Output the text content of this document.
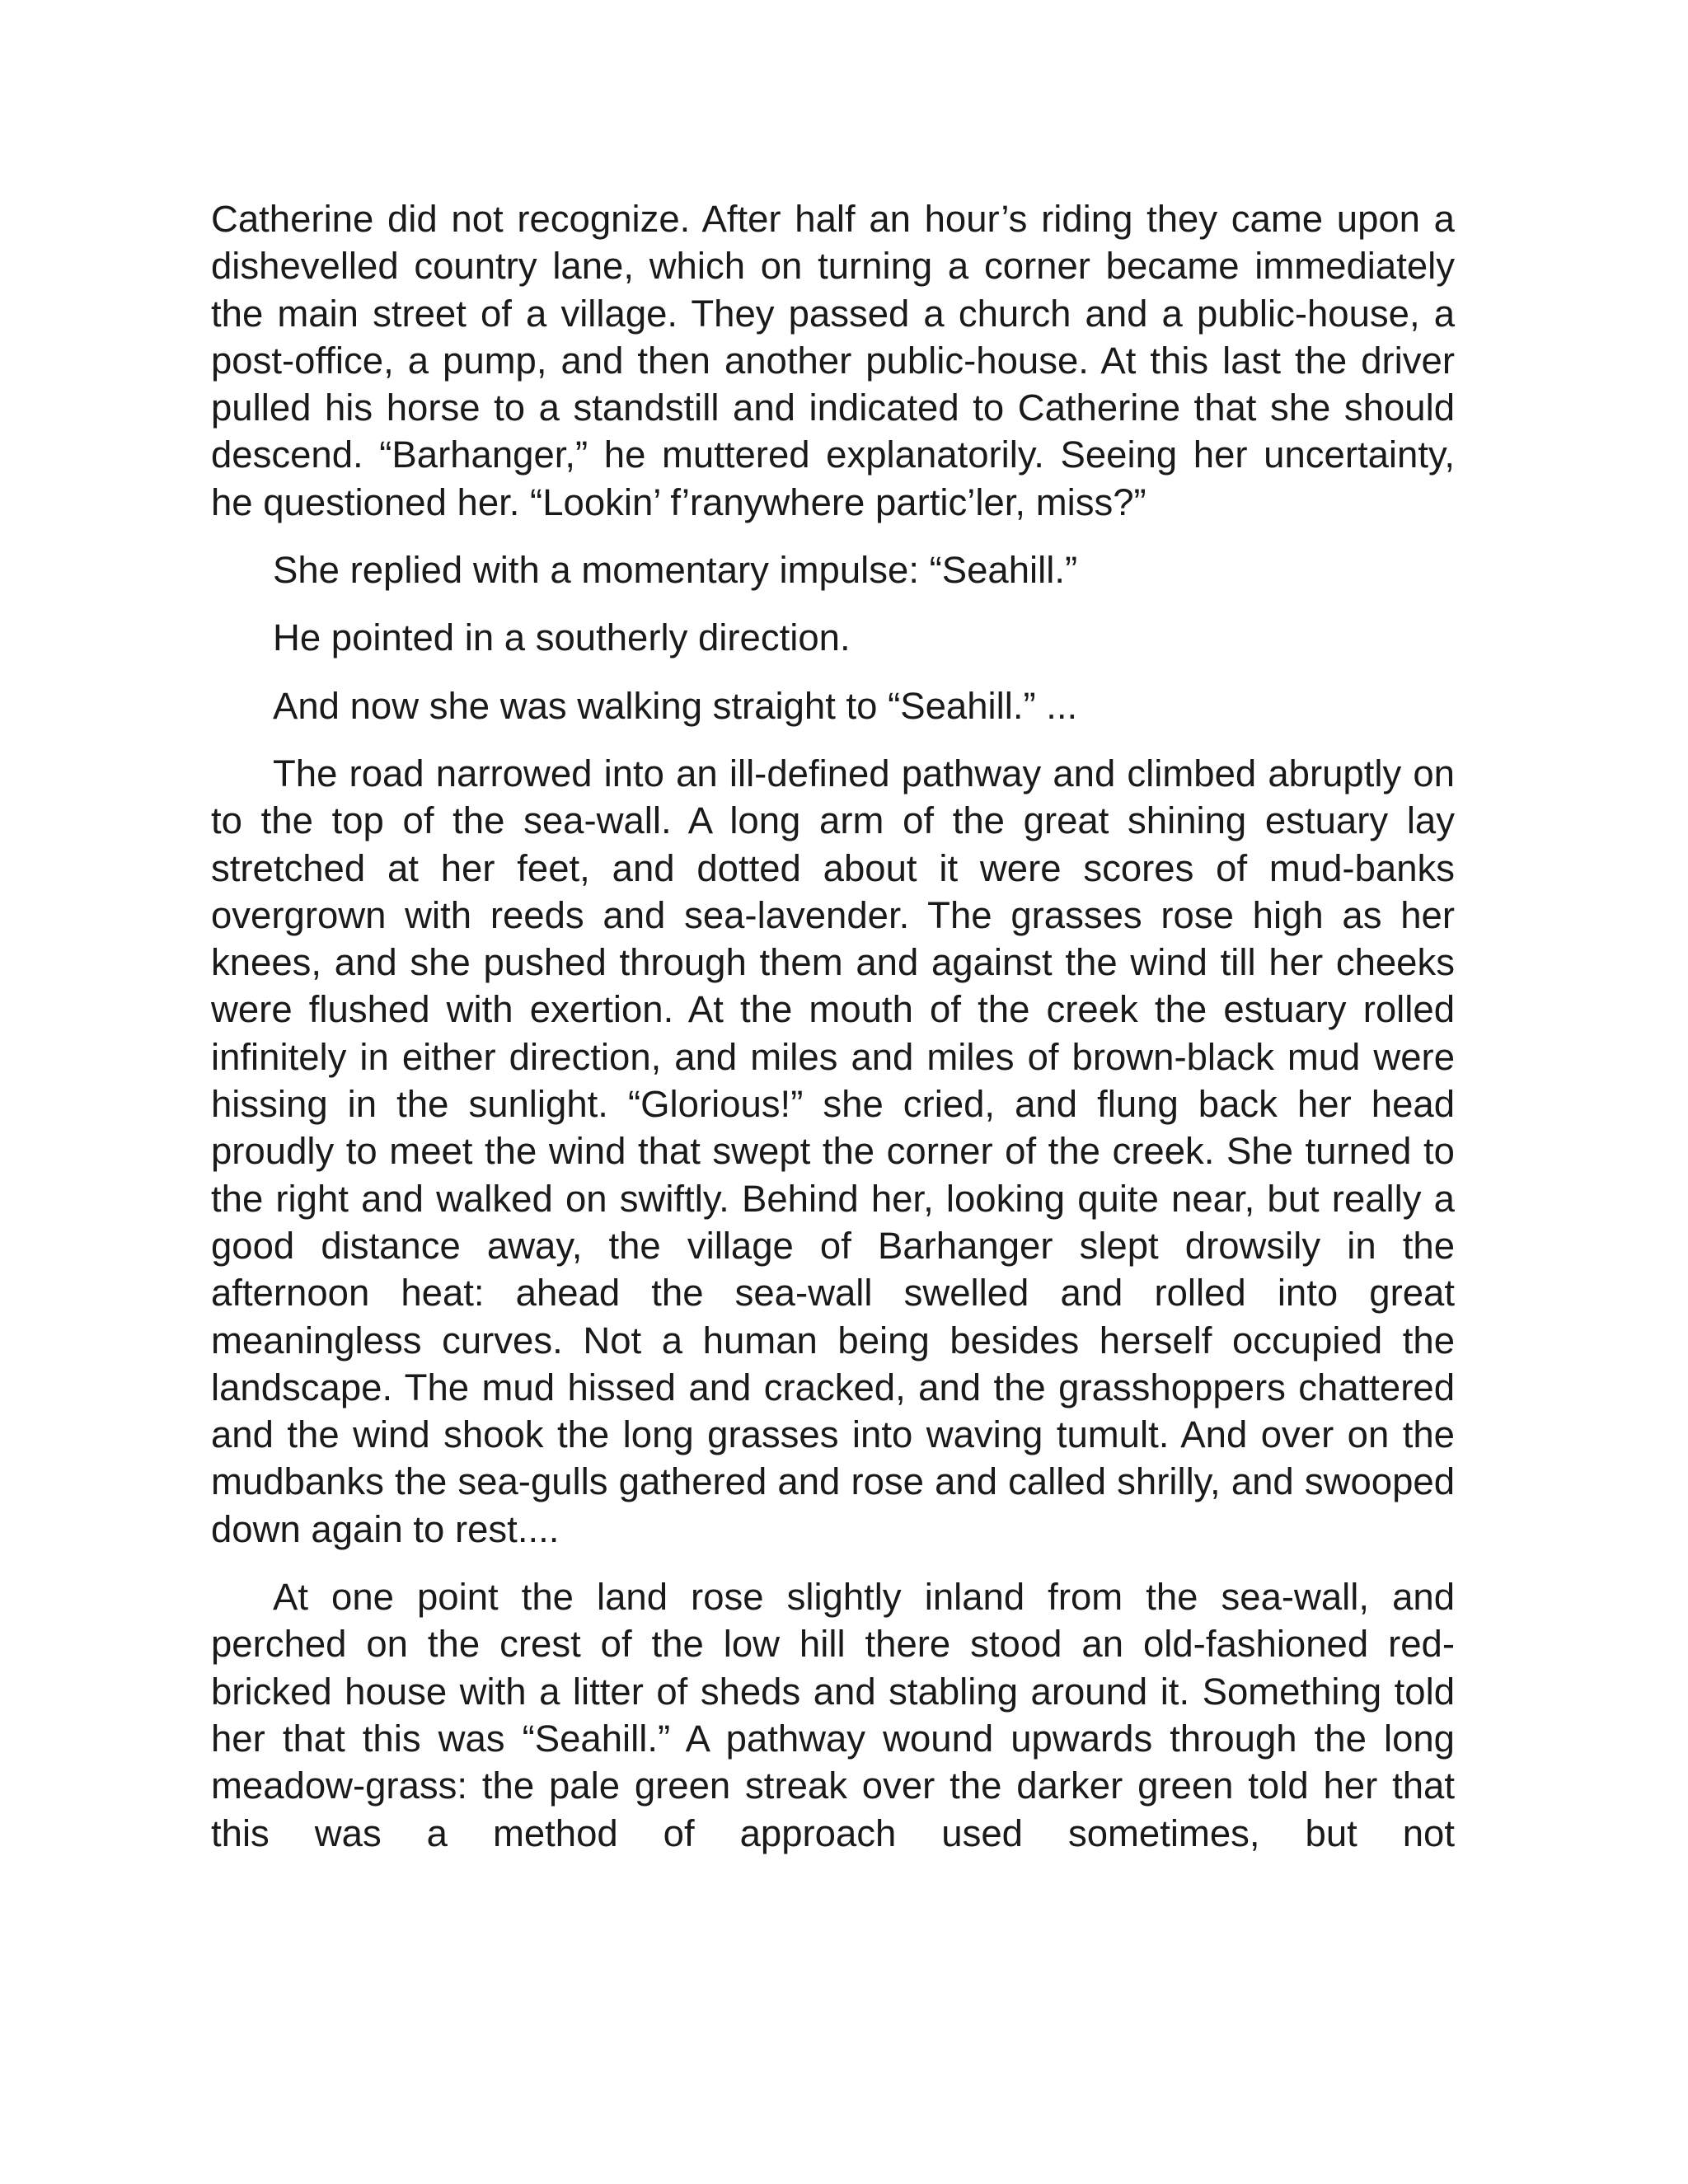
Catherine did not recognize. After half an hour’s riding they came upon a dishevelled country lane, which on turning a corner became immediately the main street of a village. They passed a church and a public-house, a post-office, a pump, and then another public-house. At this last the driver pulled his horse to a standstill and indicated to Catherine that she should descend. “Barhanger,” he muttered explanatorily. Seeing her uncertainty, he questioned her. “Lookin’ f’ranywhere partic’ler, miss?”

She replied with a momentary impulse: “Seahill.”

He pointed in a southerly direction.

And now she was walking straight to “Seahill.” ...

The road narrowed into an ill-defined pathway and climbed abruptly on to the top of the sea-wall. A long arm of the great shining estuary lay stretched at her feet, and dotted about it were scores of mud-banks overgrown with reeds and sea-lavender. The grasses rose high as her knees, and she pushed through them and against the wind till her cheeks were flushed with exertion. At the mouth of the creek the estuary rolled infinitely in either direction, and miles and miles of brown-black mud were hissing in the sunlight. “Glorious!” she cried, and flung back her head proudly to meet the wind that swept the corner of the creek. She turned to the right and walked on swiftly. Behind her, looking quite near, but really a good distance away, the village of Barhanger slept drowsily in the afternoon heat: ahead the sea-wall swelled and rolled into great meaningless curves. Not a human being besides herself occupied the landscape. The mud hissed and cracked, and the grasshoppers chattered and the wind shook the long grasses into waving tumult. And over on the mudbanks the sea-gulls gathered and rose and called shrilly, and swooped down again to rest....

At one point the land rose slightly inland from the sea-wall, and perched on the crest of the low hill there stood an old-fashioned red-bricked house with a litter of sheds and stabling around it. Something told her that this was “Seahill.” A pathway wound upwards through the long meadow-grass: the pale green streak over the darker green told her that this was a method of approach used sometimes, but not
